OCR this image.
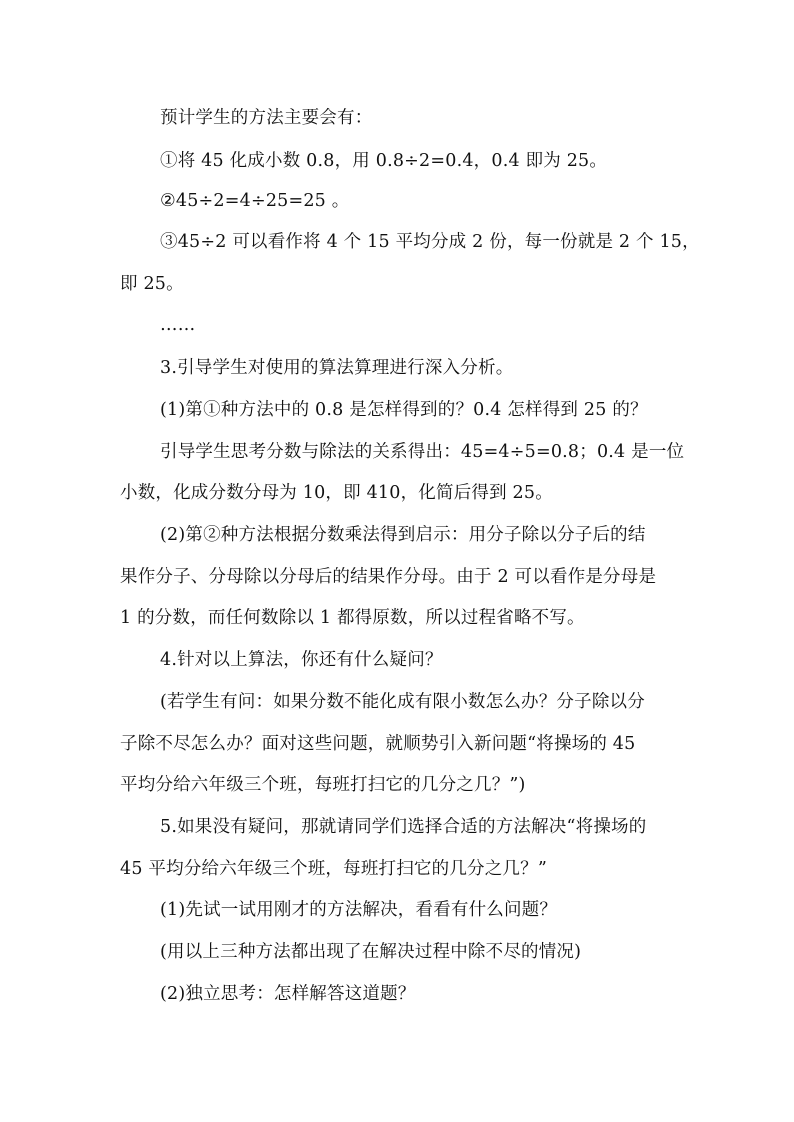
预计学生的方法主要会有：
①将 45 化成小数 0.8，用 0.8÷2=0.4，0.4 即为 25。
②45÷2=4÷25=25 。
③45÷2 可以看作将 4 个 15 平均分成 2 份，每一份就是 2 个 15，
即 25。
……
3.引导学生对使用的算法算理进行深入分析。
(1)第①种方法中的 0.8 是怎样得到的？0.4 怎样得到 25 的？
引导学生思考分数与除法的关系得出：45=4÷5=0.8；0.4 是一位
小数，化成分数分母为 10，即 410，化简后得到 25。
(2)第②种方法根据分数乘法得到启示：用分子除以分子后的结
果作分子、分母除以分母后的结果作分母。由于 2 可以看作是分母是
1 的分数，而任何数除以 1 都得原数，所以过程省略不写。
4.针对以上算法，你还有什么疑问？
(若学生有问：如果分数不能化成有限小数怎么办？分子除以分
子除不尽怎么办？面对这些问题，就顺势引入新问题“将操场的 45
平均分给六年级三个班，每班打扫它的几分之几？”)
5.如果没有疑问，那就请同学们选择合适的方法解决“将操场的
45 平均分给六年级三个班，每班打扫它的几分之几？”
(1)先试一试用刚才的方法解决，看看有什么问题？
(用以上三种方法都出现了在解决过程中除不尽的情况)
(2)独立思考：怎样解答这道题？
